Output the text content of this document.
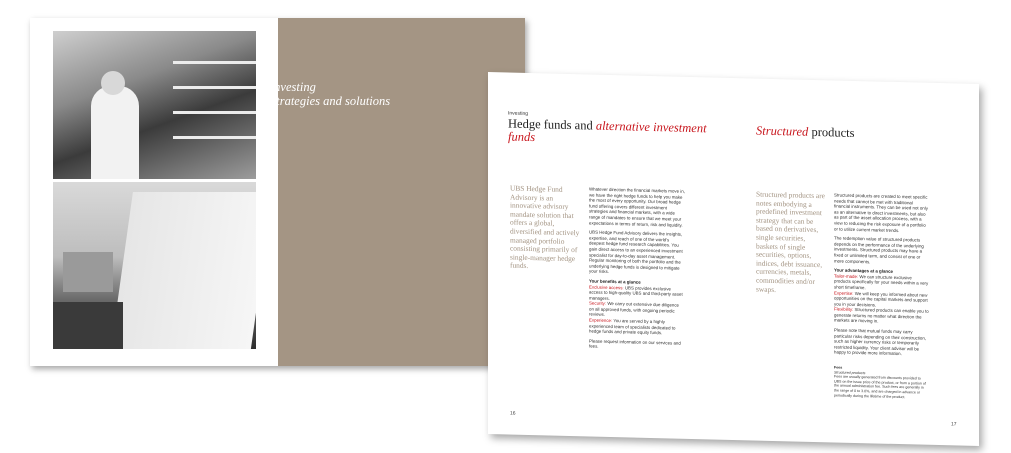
Investing
Strategies and solutions
Investing
Hedge funds and alternative investment funds	Structured products
UBS Hedge Fund Advisory is an innovative advisory mandate solution that offers a global, diversified and actively managed portfolio consisting primarily of single-manager hedge funds.
Structured products are notes embodying a predefined investment strategy that can be based on derivatives, single securities, baskets of single securities, options, indices, debt issuance, currencies, metals, commodities and/or swaps.

Whatever direction the financial markets move in, we have the right hedge funds to help you make the most of every opportunity. Our broad hedge fund offering covers different investment strategies and financial markets, with a wide range of mandates to ensure that we meet your expectations in terms of return, risk and liquidity.

UBS Hedge Fund Advisory delivers the insights, expertise, and reach of one of the world's deepest hedge fund research capabilities. You gain direct access to an experienced investment specialist for day-to-day asset management. Regular monitoring of both the portfolio and the underlying hedge funds is designed to mitigate your risks.

Your benefits at a glance
Exclusive access: UBS provides exclusive access to high-quality UBS and third-party asset managers.
Security: We carry out extensive due diligence on all approved funds, with ongoing periodic reviews.

Experience: You are served by a highly experienced team of specialists dedicated to hedge funds and private equity funds.

Please request information on our services and fees.

Structured products are created to meet specific needs that cannot be met with traditional financial instruments. They can be used not only as an alternative to direct investments, but also as part of the asset allocation process, with a view to reducing the risk exposure of a portfolio or to utilize current market trends.

The redemption value of structured products depends on the performance of the underlying investments. Structured products may have a fixed or unlimited term, and consist of one or more components.

Your advantages at a glance
Tailor-made: We can structure exclusive products specifically for your needs within a very short timeframe.
Expertise: We will keep you informed about new opportunities on the capital markets and support you in your decisions.

Flexibility: Structured products can enable you to generate returns no matter what direction the markets are moving in.

Please note that mutual funds may carry particular risks depending on their construction, such as higher currency risks or temporarily restricted liquidity. Your client advisor will be happy to provide more information.

Fees
Structured products
Fees are usually generated from discounts provided to UBS on the issue price of the product, or from a portion of the annual administration fee. Such fees are generally in the range of 0 to 3.0%, and are charged in advance or periodically during the lifetime of the product.
16
17
